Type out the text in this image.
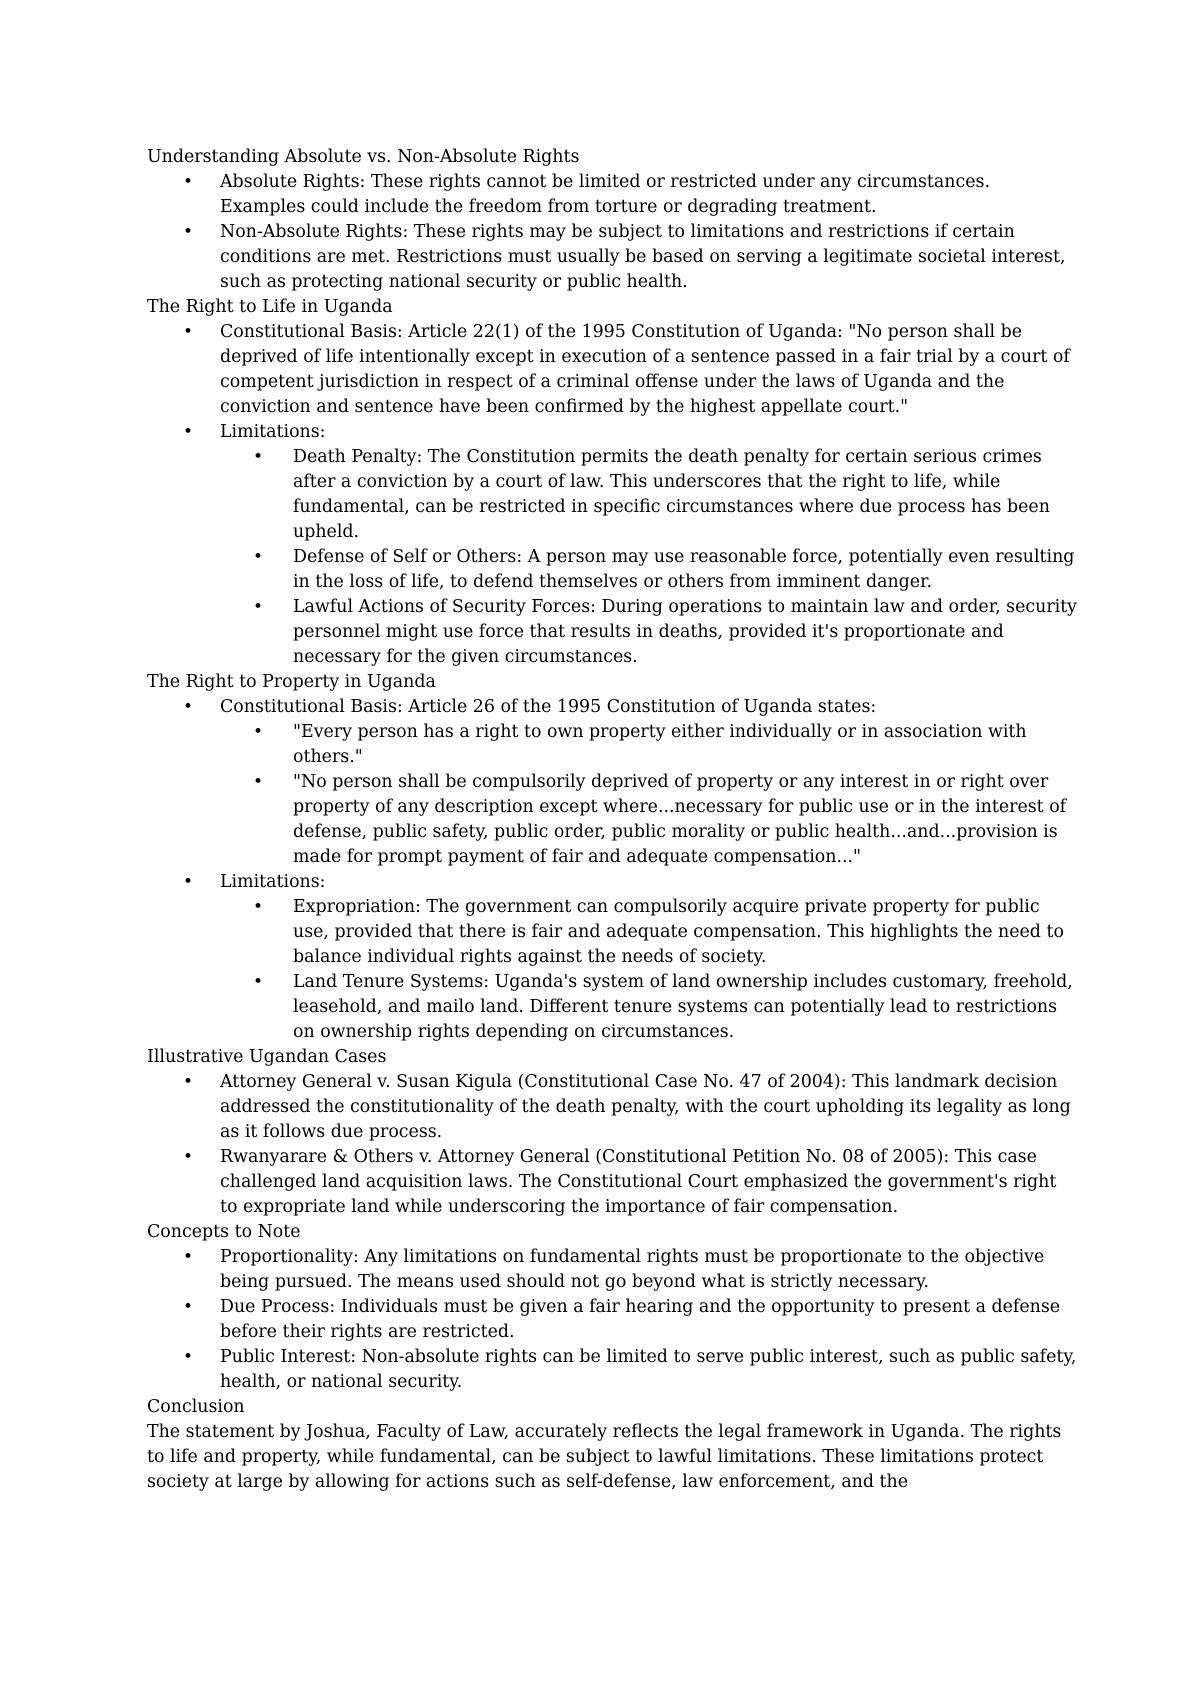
Understanding Absolute vs. Non-Absolute Rights
• Absolute Rights: These rights cannot be limited or restricted under any circumstances. Examples could include the freedom from torture or degrading treatment.
• Non-Absolute Rights: These rights may be subject to limitations and restrictions if certain conditions are met. Restrictions must usually be based on serving a legitimate societal interest, such as protecting national security or public health.
The Right to Life in Uganda
• Constitutional Basis: Article 22(1) of the 1995 Constitution of Uganda: "No person shall be deprived of life intentionally except in execution of a sentence passed in a fair trial by a court of competent jurisdiction in respect of a criminal offense under the laws of Uganda and the conviction and sentence have been confirmed by the highest appellate court."
• Limitations:
• Death Penalty: The Constitution permits the death penalty for certain serious crimes after a conviction by a court of law. This underscores that the right to life, while fundamental, can be restricted in specific circumstances where due process has been upheld.
• Defense of Self or Others: A person may use reasonable force, potentially even resulting in the loss of life, to defend themselves or others from imminent danger.
• Lawful Actions of Security Forces: During operations to maintain law and order, security personnel might use force that results in deaths, provided it's proportionate and necessary for the given circumstances.
The Right to Property in Uganda
• Constitutional Basis: Article 26 of the 1995 Constitution of Uganda states:
• "Every person has a right to own property either individually or in association with others."
• "No person shall be compulsorily deprived of property or any interest in or right over property of any description except where...necessary for public use or in the interest of defense, public safety, public order, public morality or public health...and...provision is made for prompt payment of fair and adequate compensation..."
• Limitations:
• Expropriation: The government can compulsorily acquire private property for public use, provided that there is fair and adequate compensation. This highlights the need to balance individual rights against the needs of society.
• Land Tenure Systems: Uganda's system of land ownership includes customary, freehold, leasehold, and mailo land. Different tenure systems can potentially lead to restrictions on ownership rights depending on circumstances.
Illustrative Ugandan Cases
• Attorney General v. Susan Kigula (Constitutional Case No. 47 of 2004): This landmark decision addressed the constitutionality of the death penalty, with the court upholding its legality as long as it follows due process.
• Rwanyarare & Others v. Attorney General (Constitutional Petition No. 08 of 2005): This case challenged land acquisition laws. The Constitutional Court emphasized the government's right to expropriate land while underscoring the importance of fair compensation.
Concepts to Note
• Proportionality: Any limitations on fundamental rights must be proportionate to the objective being pursued. The means used should not go beyond what is strictly necessary.
• Due Process: Individuals must be given a fair hearing and the opportunity to present a defense before their rights are restricted.
• Public Interest: Non-absolute rights can be limited to serve public interest, such as public safety, health, or national security.
Conclusion

The statement by Joshua, Faculty of Law, accurately reflects the legal framework in Uganda. The rights to life and property, while fundamental, can be subject to lawful limitations. These limitations protect society at large by allowing for actions such as self-defense, law enforcement, and the
